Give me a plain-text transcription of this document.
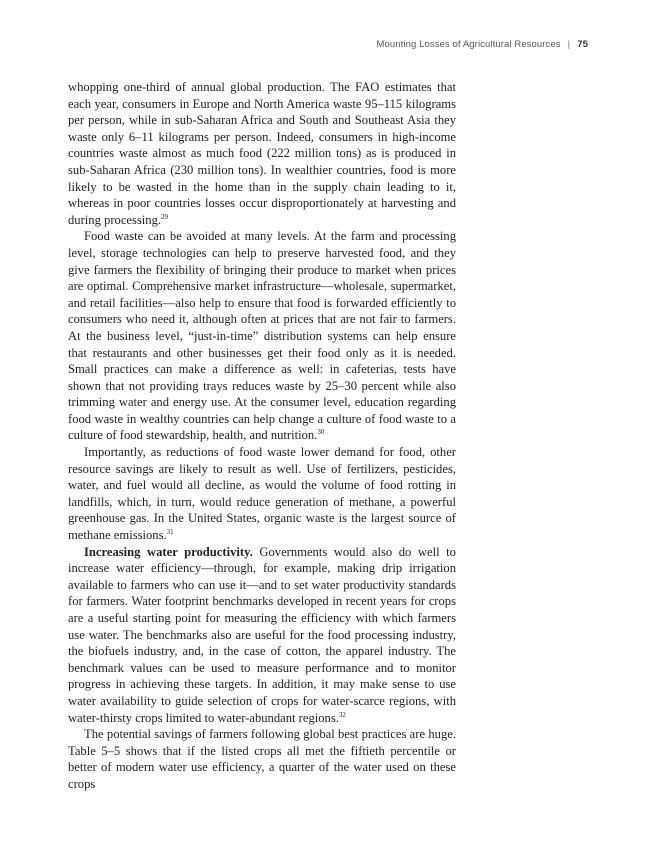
Mounting Losses of Agricultural Resources | 75

whopping one-third of annual global production. The FAO estimates that each year, consumers in Europe and North America waste 95–115 kilograms per person, while in sub-Saharan Africa and South and Southeast Asia they waste only 6–11 kilograms per person. Indeed, consumers in high-income countries waste almost as much food (222 million tons) as is produced in sub-Saharan Africa (230 million tons). In wealthier countries, food is more likely to be wasted in the home than in the supply chain leading to it, whereas in poor countries losses occur disproportionately at harvesting and during processing.$^{29}$

Food waste can be avoided at many levels. At the farm and processing level, storage technologies can help to preserve harvested food, and they give farmers the flexibility of bringing their produce to market when prices are optimal. Comprehensive market infrastructure—wholesale, supermarket, and retail facilities—also help to ensure that food is forwarded efficiently to consumers who need it, although often at prices that are not fair to farmers. At the business level, “just-in-time” distribution systems can help ensure that restaurants and other businesses get their food only as it is needed. Small practices can make a difference as well: in cafeterias, tests have shown that not providing trays reduces waste by 25–30 percent while also trimming water and energy use. At the consumer level, education regarding food waste in wealthy countries can help change a culture of food waste to a culture of food stewardship, health, and nutrition.$^{30}$

Importantly, as reductions of food waste lower demand for food, other resource savings are likely to result as well. Use of fertilizers, pesticides, water, and fuel would all decline, as would the volume of food rotting in landfills, which, in turn, would reduce generation of methane, a powerful greenhouse gas. In the United States, organic waste is the largest source of methane emissions.$^{31}$

Increasing water productivity. Governments would also do well to increase water efficiency—through, for example, making drip irrigation available to farmers who can use it—and to set water productivity standards for farmers. Water footprint benchmarks developed in recent years for crops are a useful starting point for measuring the efficiency with which farmers use water. The benchmarks also are useful for the food processing industry, the biofuels industry, and, in the case of cotton, the apparel industry. The benchmark values can be used to measure performance and to monitor progress in achieving these targets. In addition, it may make sense to use water availability to guide selection of crops for water-scarce regions, with water-thirsty crops limited to water-abundant regions.$^{32}$

The potential savings of farmers following global best practices are huge. Table 5–5 shows that if the listed crops all met the fiftieth percentile or better of modern water use efficiency, a quarter of the water used on these crops
